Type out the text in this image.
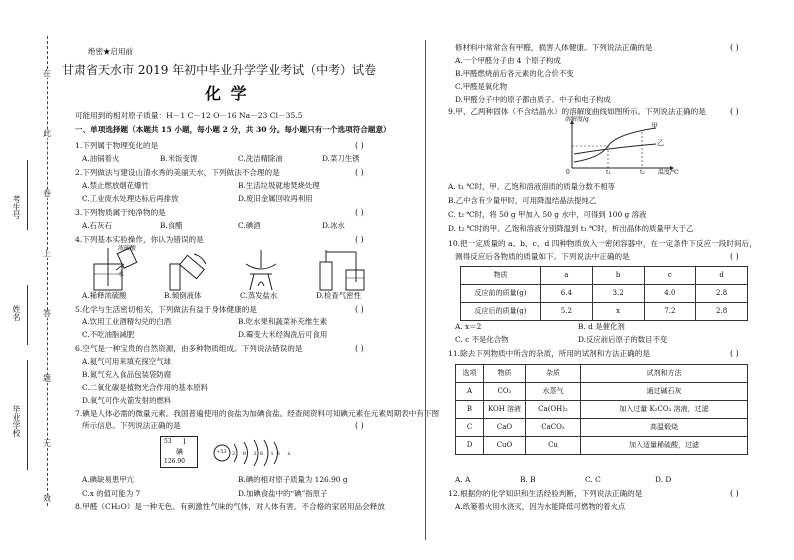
在
此
卷
上
答
题
无
效
考生号
姓名
毕业学校
绝密★启用前
甘肃省天水市 2019 年初中毕业升学学业考试（中考）试卷
化 学
可能用到的相对原子质量：H－1 C－12 O－16 Na－23 Cl－35.5
一、单项选择题（本题共 15 小题，每小题 2 分，共 30 分。每小题只有一个选项符合题意）
1.下列属于物理变化的是	( )
A.油锅着火	B.米饭变馊	C.洗洁精除油	D.菜刀生锈
2.下列做法与建设山清水秀的美丽天水，下列做法不合理的是	( )
A.禁止燃放烟花爆竹	B.生活垃圾就地焚烧处理
C.工业废水处理达标后再排放	D.废旧金属回收再利用
3.下列物质属于纯净物的是	( )
A.石灰石	B.食醋	C.碘酒	D.冰水
4.下列基本实验操作，你认为错误的是	( )
浓硫酸
水
A.稀释浓硫酸	B.倾倒液体	C.蒸发盐水	D.检查气密性
5.化学与生活密切相关，下列做法有益于身体健康的是	( )
A.饮用工业酒精勾兑的白酒	B.吃水果和蔬菜补充维生素
C.不吃油脂减肥	D.霉变大米经淘洗后可食用
6.空气是一种宝贵的自然资源，由多种物质组成。下列说法错误的是	( )
A.氦气可用来填充探空气球
B.氮气充入食品包装袋防腐
C.二氧化碳是植物光合作用的基本原料
D.氧气可作火箭发射的燃料
7.碘是人体必需的微量元素。我国普遍使用的食盐为加碘食盐。经查阅资料可知碘元素在元素周期表中有下图
所示信息。下列说法正确的是	( )
53 I
碘
126.90
+53 2 8 18 18 x
A.碘缺易患甲亢	B.碘的相对原子质量为 126.90 g
C.x 的值可能为 7	D.加碘食盐中的“碘”指原子
8.甲醛（CH₂O）是一种无色、有刺激性气味的气体，对人体有害。不合格的家居用品会释放
修材料中常常含有甲醛，损害人体健康。下列说法正确的是	( )
A.一个甲醛分子由 4 个原子构成
B.甲醛燃烧前后各元素的化合价不变
C.甲醛是氧化物
D.甲醛分子中的原子都由质子、中子和电子构成
9.甲、乙两种固体（不含结晶水）的溶解度曲线如图所示。下列说法正确的是	( )
溶解度/g
温度/℃
甲
乙
t₁	t₂
0
A. t₁ ℃时，甲、乙饱和溶液溶质的质量分数不相等
B.乙中含有少量甲时，可用降温结晶法提纯乙
C. t₂ ℃时，将 50 g 甲加入 50 g 水中，可得到 100 g 溶液
D. t₂ ℃时的甲、乙饱和溶液分别降温到 t₁ ℃时，析出晶体的质量甲大于乙
10.把一定质量的 a、b、c、d 四种物质放入一密闭容器中，在一定条件下反应一段时间后，
测得反应后各物质的质量如下。下列说法中正确的是	( )
物质	a	b	c	d
反应前的质量(g)	6.4	3.2	4.0	2.8
反应后的质量(g)	5.2	x	7.2	2.8
A. x＝2	B. d 是催化剂
C. c 不是化合物	D.反应前后原子的数目不变
11.除去下列物质中所含的杂质，所用的试剂和方法正确的是	( )
选项	物质	杂质	试剂和方法
A	CO₂	水蒸气	通过碱石灰
B	KOH 溶液	Ca(OH)₂	加入过量 K₂CO₃ 溶液，过滤
C	CaO	CaCO₃	高温煅烧
D	CuO	Cu	加入适量稀硫酸，过滤
A. A	B. B	C. C	D. D
12.根据你的化学知识和生活经验判断，下列说法正确的是	( )
A.纸篓着火用水浇灭，因为水能降低可燃物的着火点
